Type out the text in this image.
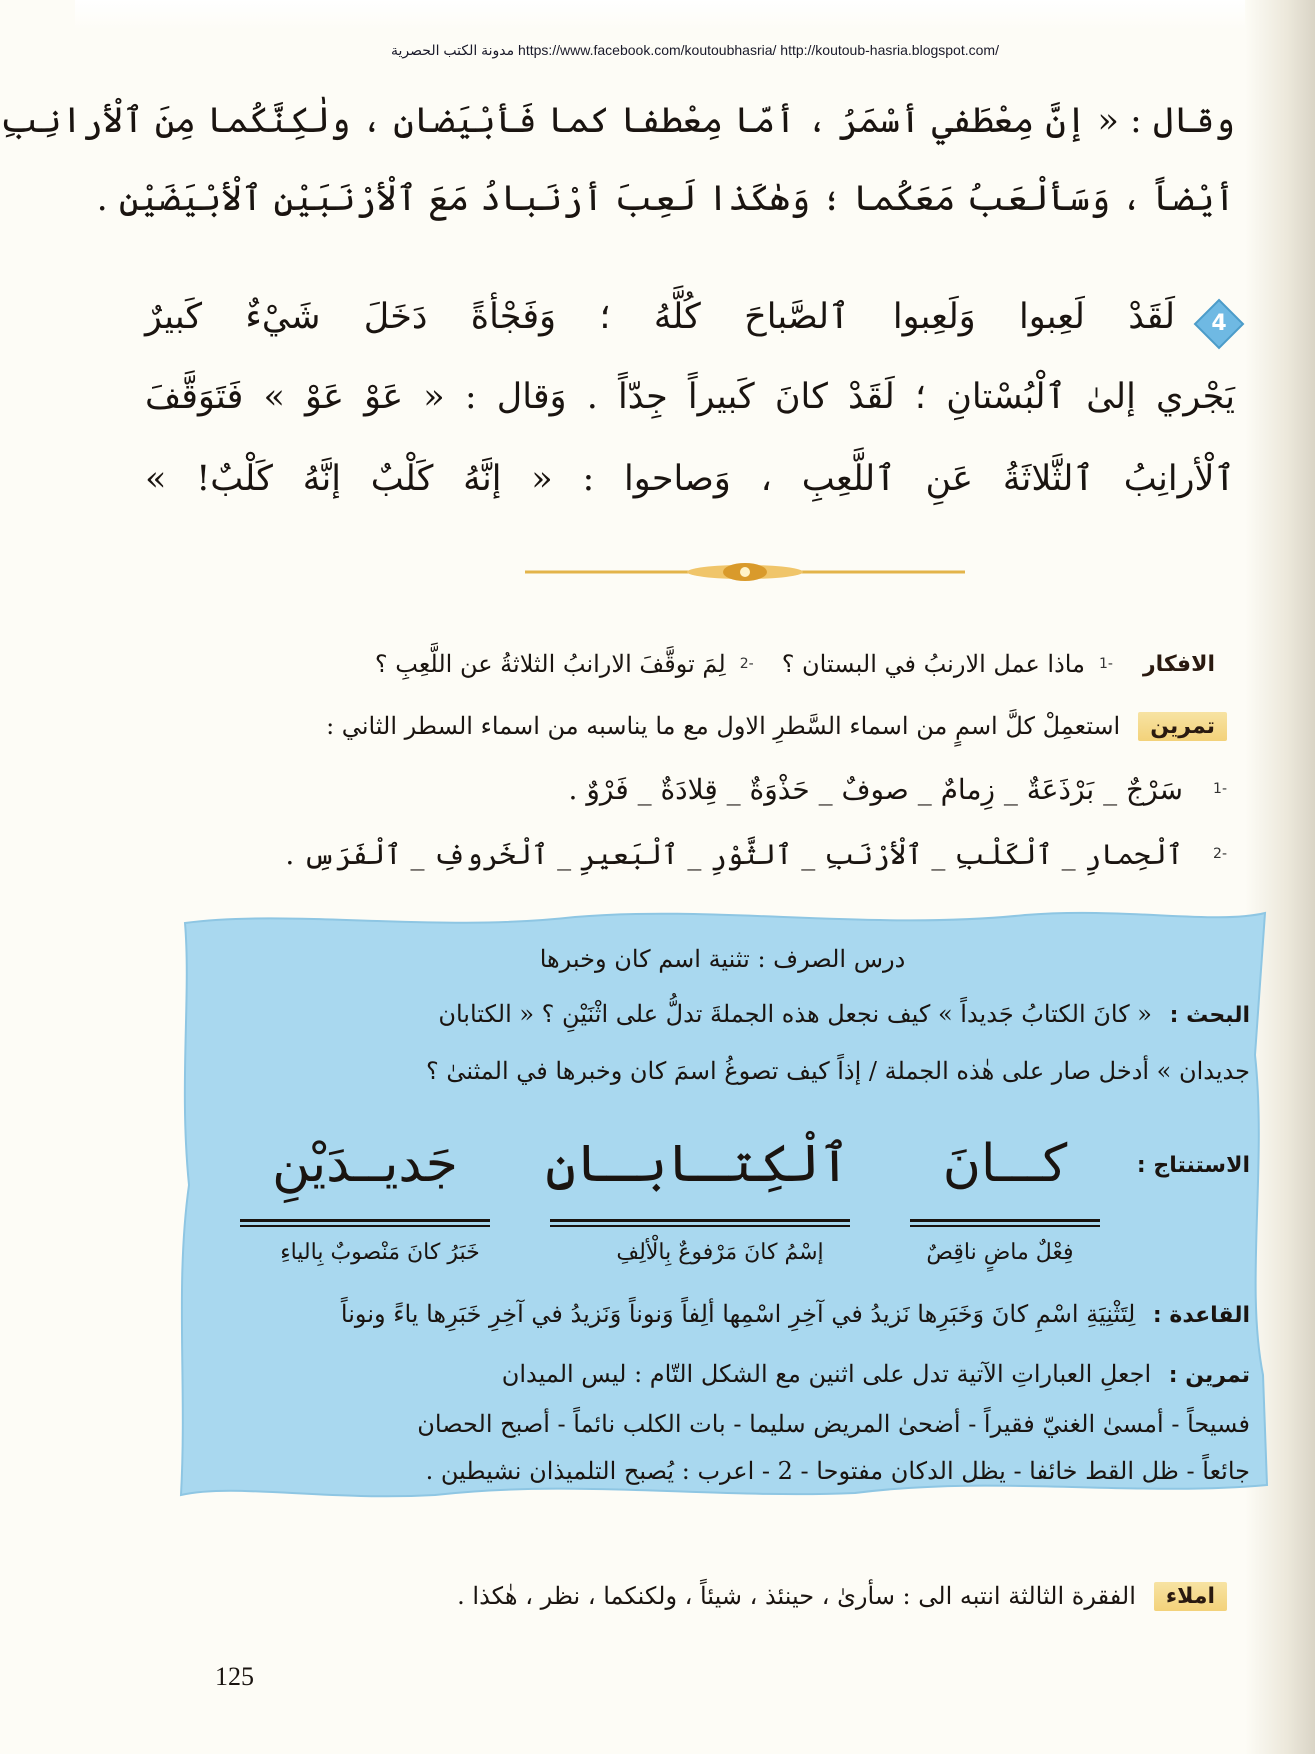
/https://www.facebook.com/koutoubhasria/ http://koutoub-hasria.blogspot.com مدونة الكتب الحصرية
وقال : « إنَّ مِعْطَفي أسْمَرُ ، أمّا مِعْطفا كما فَأبْيَضانِ ، ولٰكِنَّكُما مِنَ ٱلْأرانِبِ
أيْضاً ، وَسَألْعَبُ مَعَكُما ؛ وَهٰكَذا لَعِبَ أرْنَبادُ مَعَ ٱلْأرْنَبَيْنِ ٱلْأبْيَضَيْنِ .
4
لَقَدْ لَعِبوا وَلَعِبوا ٱلصَّباحَ كُلَّهُ ؛ وَفَجْأةً دَخَلَ شَيْءٌ كَبيرٌ
يَجْري إلىٰ ٱلْبُسْتانِ ؛ لَقَدْ كانَ كَبيراً جِدّاً . وَقال : « عَوْ عَوْ » فَتَوَقَّفَ
ٱلْأرانِبُ ٱلثَّلاثَةُ عَنِ ٱللَّعِبِ ، وَصاحوا : « إنَّهُ كَلْبٌ إنَّهُ كَلْبٌ! »
الافكار
-1
ماذا عمل الارنبُ في البستان ؟
-2
لِمَ توقَّفَ الارانبُ الثلاثةُ عن اللَّعِبِ ؟
تمرين
استعمِلْ كلَّ اسمٍ من اسماء السَّطرِ الاول مع ما يناسبه من اسماء السطر الثاني :
-1
سَرْجٌ _ بَرْذَعَةٌ _ زِمامٌ _ صوفٌ _ حَذْوَةٌ _ قِلادَةٌ _ فَرْوٌ .
-2
ٱلْحِمارِ _ ٱلْكَلْبِ _ ٱلْأرْنَبِ _ ٱلثَّوْرِ _ ٱلْبَعيرِ _ ٱلْخَروفِ _ ٱلْفَرَسِ .
درس الصرف : تثنية اسم كان وخبرها
البحث : « كانَ الكتابُ جَديداً » كيف نجعل هذه الجملةَ تدلُّ على اثْنَيْنِ ؟ « الكتابان
جديدان » أدخل صار على هٰذه الجملة / إذاً كيف تصوغُ اسمَ كان وخبرها في المثنىٰ ؟
الاستنتاج :
كـــانَ
ٱلْكِتـابـانِ
جَديــدَيْنِ
فِعْلٌ ماضٍ ناقِصٌ
إسْمُ كانَ مَرْفوعٌ بِالْألِفِ
خَبَرُ كانَ مَنْصوبٌ بِالياءِ
القاعدة : لِتَثْنِيَةِ اسْمِ كانَ وَخَبَرِها نَزيدُ في آخِرِ اسْمِها ألِفاً وَنوناً وَنَزيدُ في آخِرِ خَبَرِها ياءً ونوناً
تمرين : اجعلِ العباراتِ الآتية تدل على اثنين مع الشكل التّام : ليس الميدان
فسيحاً - أمسىٰ الغنيّ فقيراً - أضحىٰ المريض سليما - بات الكلب نائماً - أصبح الحصان
جائعاً - ظل القط خائفا - يظل الدكان مفتوحا - 2 - اعرب : يُصبح التلميذان نشيطين .
املاء
الفقرة الثالثة انتبه الى : سأرىٰ ، حينئذ ، شيئاً ، ولكنكما ، نظر ، هٰكذا .
125
